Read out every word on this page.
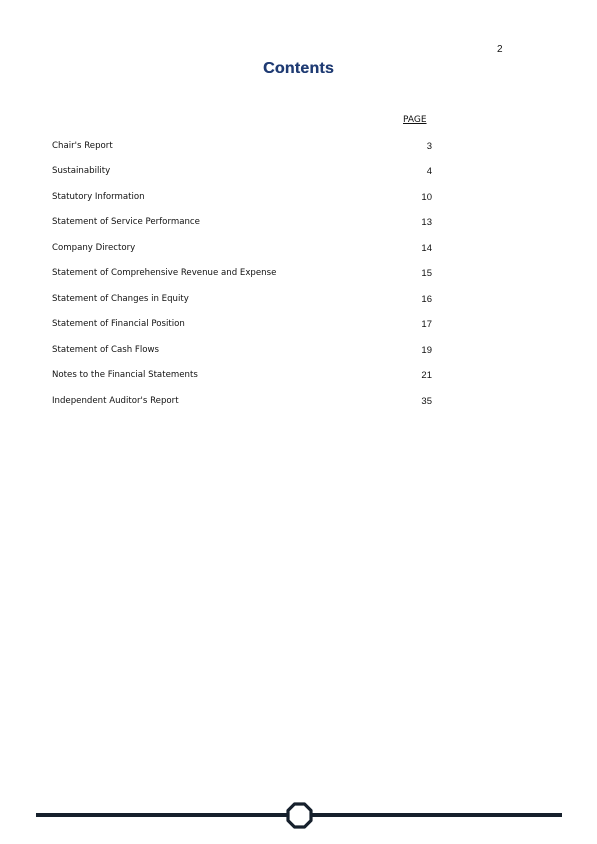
2
Contents
PAGE
Chair's Report	3
Sustainability	4
Statutory Information	10
Statement of Service Performance	13
Company Directory	14
Statement of Comprehensive Revenue and Expense	15
Statement of Changes in Equity	16
Statement of Financial Position	17
Statement of Cash Flows	19
Notes to the Financial Statements	21
Independent Auditor's Report	35
